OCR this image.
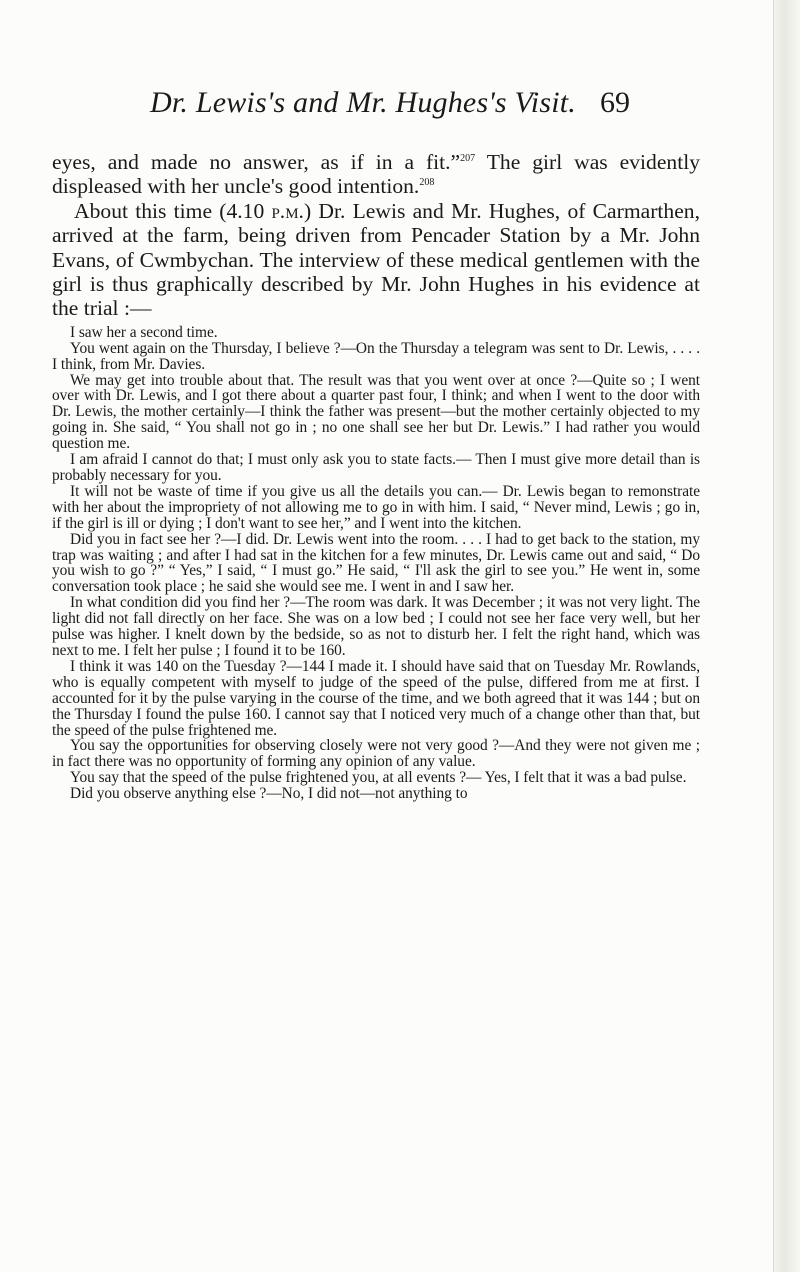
Dr. Lewis's and Mr. Hughes's Visit. 69

eyes, and made no answer, as if in a fit.”$^{207}$ The girl was evidently displeased with her uncle's good intention.$^{208}$

About this time (4.10 p.m.) Dr. Lewis and Mr. Hughes, of Carmarthen, arrived at the farm, being driven from Pencader Station by a Mr. John Evans, of Cwmbychan. The interview of these medical gentlemen with the girl is thus graphically described by Mr. John Hughes in his evidence at the trial :—

I saw her a second time.

You went again on the Thursday, I believe ?—On the Thursday a telegram was sent to Dr. Lewis, . . . . I think, from Mr. Davies.

We may get into trouble about that. The result was that you went over at once ?—Quite so ; I went over with Dr. Lewis, and I got there about a quarter past four, I think; and when I went to the door with Dr. Lewis, the mother certainly—I think the father was present—but the mother certainly objected to my going in. She said, “ You shall not go in ; no one shall see her but Dr. Lewis.” I had rather you would question me.

I am afraid I cannot do that; I must only ask you to state facts.— Then I must give more detail than is probably necessary for you.

It will not be waste of time if you give us all the details you can.— Dr. Lewis began to remonstrate with her about the impropriety of not allowing me to go in with him. I said, “ Never mind, Lewis ; go in, if the girl is ill or dying ; I don't want to see her,” and I went into the kitchen.

Did you in fact see her ?—I did. Dr. Lewis went into the room. . . . I had to get back to the station, my trap was waiting ; and after I had sat in the kitchen for a few minutes, Dr. Lewis came out and said, “ Do you wish to go ?” “ Yes,” I said, “ I must go.” He said, “ I'll ask the girl to see you.” He went in, some conversation took place ; he said she would see me. I went in and I saw her.

In what condition did you find her ?—The room was dark. It was December ; it was not very light. The light did not fall directly on her face. She was on a low bed ; I could not see her face very well, but her pulse was higher. I knelt down by the bedside, so as not to disturb her. I felt the right hand, which was next to me. I felt her pulse ; I found it to be 160.

I think it was 140 on the Tuesday ?—144 I made it. I should have said that on Tuesday Mr. Rowlands, who is equally competent with myself to judge of the speed of the pulse, differed from me at first. I accounted for it by the pulse varying in the course of the time, and we both agreed that it was 144 ; but on the Thursday I found the pulse 160. I cannot say that I noticed very much of a change other than that, but the speed of the pulse frightened me.

You say the opportunities for observing closely were not very good ?—And they were not given me ; in fact there was no opportunity of forming any opinion of any value.

You say that the speed of the pulse frightened you, at all events ?— Yes, I felt that it was a bad pulse.

Did you observe anything else ?—No, I did not—not anything to
